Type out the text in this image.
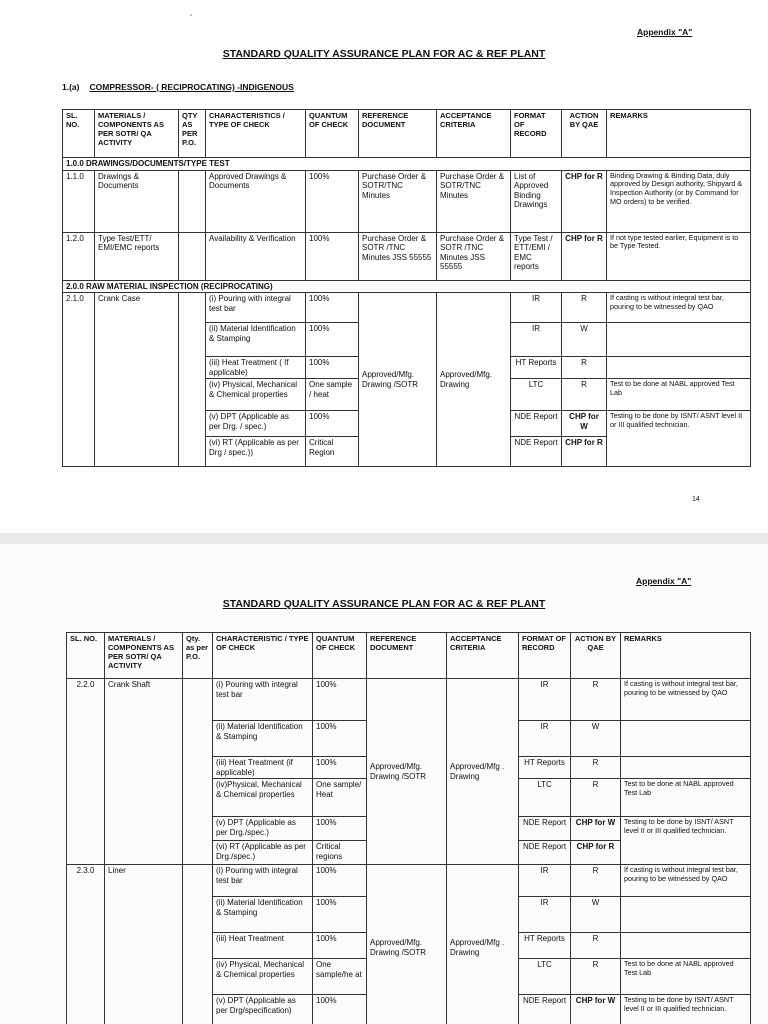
Appendix "A"
STANDARD QUALITY ASSURANCE PLAN FOR AC & REF PLANT
1.(a) COMPRESSOR- ( RECIPROCATING) -INDIGENOUS
SL. NO.	MATERIALS / COMPONENTS AS PER SOTR/ QA ACTIVITY	QTY AS PER P.O.	CHARACTERISTICS / TYPE OF CHECK	QUANTUM OF CHECK	REFERENCE DOCUMENT	ACCEPTANCE CRITERIA	FORMAT OF RECORD	ACTION BY QAE	REMARKS
1.0.0 DRAWINGS/DOCUMENTS/TYPE TEST									
1.1.0	Drawings & Documents		Approved Drawings & Documents	100%	Purchase Order & SOTR/TNC Minutes	Purchase Order & SOTR/TNC Minutes	List of Approved Binding Drawings	CHP for R	Binding Drawing & Binding Data, duly approved by Design authority, Shipyard & Inspection Authority (or by Command for MO orders) to be verified.
1.2.0	Type Test/ETT/ EMI/EMC reports		Availability & Verification	100%	Purchase Order & SOTR /TNC Minutes JSS 55555	Purchase Order & SOTR /TNC Minutes JSS 55555	Type Test / ETT/EMI / EMC reports	CHP for R	If not type tested earlier, Equipment is to be Type Tested.
2.0.0 RAW MATERIAL INSPECTION (RECIPROCATING)									
2.1.0	Crank Case		(i) Pouring with integral test bar	100%	Approved/Mfg. Drawing /SOTR	Approved/Mfg. Drawing	IR	R	If casting is without integral test bar, pouring to be witnessed by QAO
			(ii) Material Identification & Stamping	100%			IR	W	
			(iii) Heat Treatment ( If applicable)	100%			HT Reports	R	
			(iv) Physical, Mechanical & Chemical properties	One sample / heat			LTC	R	Test to be done at NABL approved Test Lab
			(v) DPT (Applicable as per Drg. / spec.)	100%			NDE Report	CHP for W	Testing to be done by ISNT/ ASNT level II or III qualified technician.
			(vi) RT (Applicable as per Drg / spec.))	Critical Region			NDE Report	CHP for R	
14
Appendix "A"
STANDARD QUALITY ASSURANCE PLAN FOR AC & REF PLANT
SL. NO.	MATERIALS / COMPONENTS AS PER SOTR/ QA ACTIVITY	Qty. as per P.O.	CHARACTERISTIC / TYPE OF CHECK	QUANTUM OF CHECK	REFERENCE DOCUMENT	ACCEPTANCE CRITERIA	FORMAT OF RECORD	ACTION BY QAE	REMARKS
2.2.0	Crank Shaft		(i) Pouring with integral test bar	100%	Approved/Mfg. Drawing /SOTR	Approved/Mfg . Drawing	IR	R	If casting is without integral test bar, pouring to be witnessed by QAO
			(ii) Material Identification & Stamping	100%			IR	W	
			(iii) Heat Treatment (if applicable)	100%			HT Reports	R	
			(iv)Physical, Mechanical & Chemical properties	One sample/ Heat			LTC	R	Test to be done at NABL approved Test Lab
			(v) DPT (Applicable as per Drg./spec.)	100%			NDE Report	CHP for W	Testing to be done by ISNT/ ASNT level II or III qualified technician.
			(vi) RT (Applicable as per Drg./spec.)	Critical regions			NDE Report	CHP for R	
2.3.0	Liner		(i) Pouring with integral test bar	100%	Approved/Mfg. Drawing /SOTR	Approved/Mfg . Drawing	IR	R	If casting is without integral test bar, pouring to be witnessed by QAO
			(ii) Material Identification & Stamping	100%			IR	W	
			(iii) Heat Treatment	100%			HT Reports	R	
			(iv) Physical, Mechanical & Chemical properties	One sample/he at			LTC	R	Test to be done at NABL approved Test Lab
			(v) DPT (Applicable as per Drg/specification)	100%			NDE Report	CHP for W	Testing to be done by ISNT/ ASNT level II or III qualified technician.
